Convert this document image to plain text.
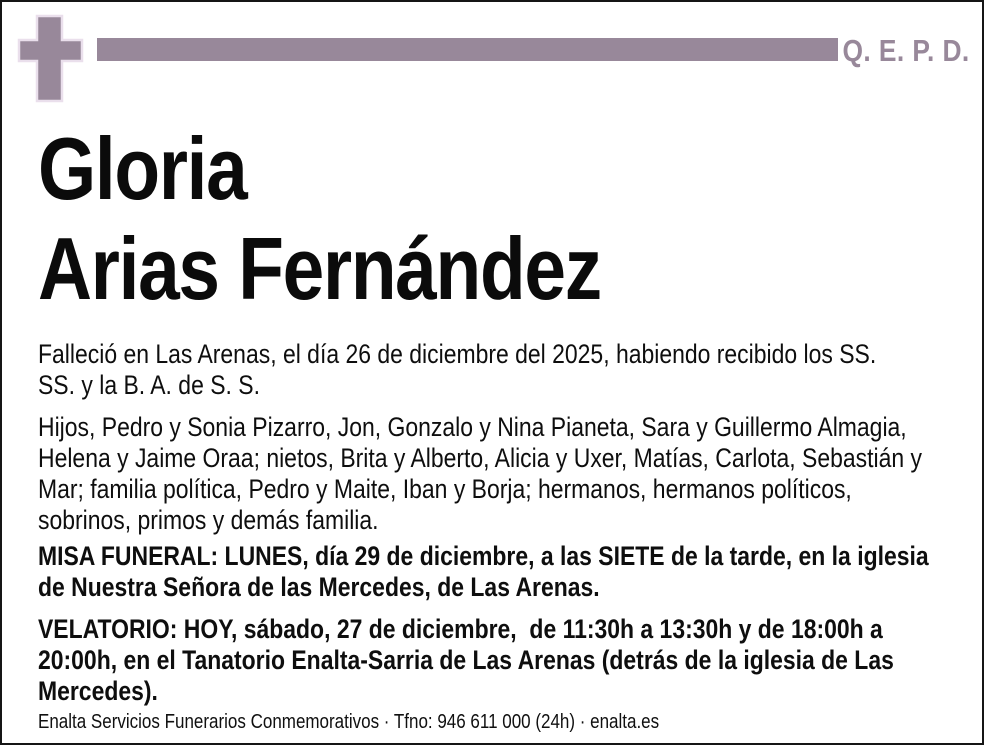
Q. E. P. D.
Gloria
Arias Fernández

Falleció en Las Arenas, el día 26 de diciembre del 2025, habiendo recibido los SS. SS. y la B. A. de S. S.

Hijos, Pedro y Sonia Pizarro, Jon, Gonzalo y Nina Pianeta, Sara y Guillermo Almagia, Helena y Jaime Oraa; nietos, Brita y Alberto, Alicia y Uxer, Matías, Carlota, Sebastián y Mar; familia política, Pedro y Maite, Iban y Borja; hermanos, hermanos políticos, sobrinos, primos y demás familia.

MISA FUNERAL: LUNES, día 29 de diciembre, a las SIETE de la tarde, en la iglesia de Nuestra Señora de las Mercedes, de Las Arenas.

VELATORIO: HOY, sábado, 27 de diciembre,  de 11:30h a 13:30h y de 18:00h a 20:00h, en el Tanatorio Enalta-Sarria de Las Arenas (detrás de la iglesia de Las Mercedes).

Enalta Servicios Funerarios Conmemorativos · Tfno: 946 611 000 (24h) · enalta.es
